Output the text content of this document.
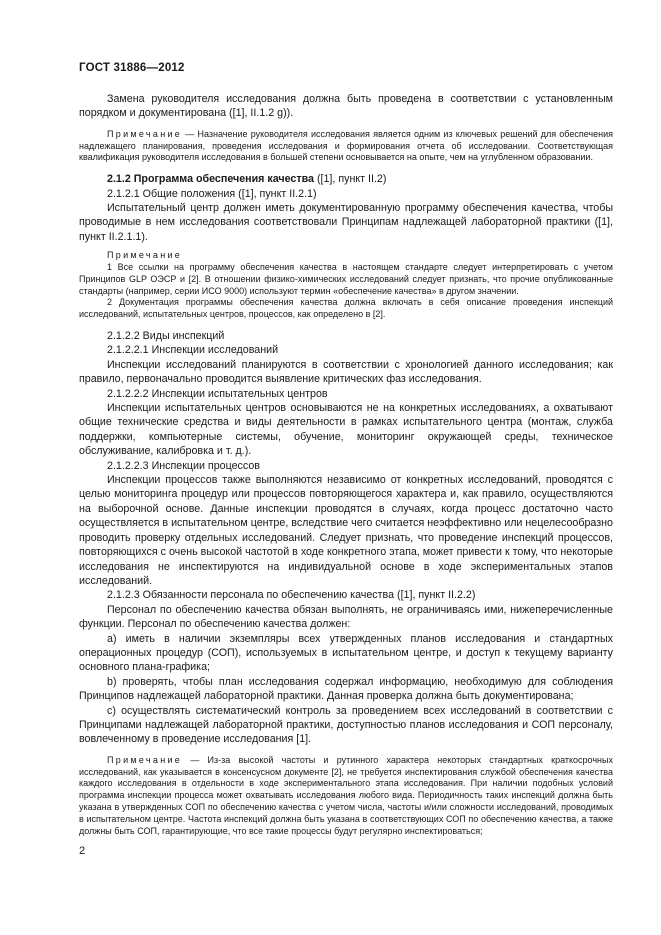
ГОСТ 31886—2012

Замена руководителя исследования должна быть проведена в соответствии с установленным порядком и документирована ([1], II.1.2 g)).

Примечание — Назначение руководителя исследования является одним из ключевых решений для обеспечения надлежащего планирования, проведения исследования и формирования отчета об исследовании. Соответствующая квалификация руководителя исследования в большей степени основывается на опыте, чем на углубленном образовании.

2.1.2 Программа обеспечения качества ([1], пункт II.2)

2.1.2.1 Общие положения ([1], пункт II.2.1)

Испытательный центр должен иметь документированную программу обеспечения качества, чтобы проводимые в нем исследования соответствовали Принципам надлежащей лабораторной практики ([1], пункт II.2.1.1).

Примечание

1 Все ссылки на программу обеспечения качества в настоящем стандарте следует интерпретировать с учетом Принципов GLP ОЭСР и [2]. В отношении физико-химических исследований следует признать, что прочие опубликованные стандарты (например, серии ИСО 9000) используют термин «обеспечение качества» в другом значении.

2 Документация программы обеспечения качества должна включать в себя описание проведения инспекций исследований, испытательных центров, процессов, как определено в [2].

2.1.2.2 Виды инспекций

2.1.2.2.1 Инспекции исследований

Инспекции исследований планируются в соответствии с хронологией данного исследования; как правило, первоначально проводится выявление критических фаз исследования.

2.1.2.2.2 Инспекции испытательных центров

Инспекции испытательных центров основываются не на конкретных исследованиях, а охватывают общие технические средства и виды деятельности в рамках испытательного центра (монтаж, служба поддержки, компьютерные системы, обучение, мониторинг окружающей среды, техническое обслуживание, калибровка и т. д.).

2.1.2.2.3 Инспекции процессов

Инспекции процессов также выполняются независимо от конкретных исследований, проводятся с целью мониторинга процедур или процессов повторяющегося характера и, как правило, осуществляются на выборочной основе. Данные инспекции проводятся в случаях, когда процесс достаточно часто осуществляется в испытательном центре, вследствие чего считается неэффективно или нецелесообразно проводить проверку отдельных исследований. Следует признать, что проведение инспекций процессов, повторяющихся с очень высокой частотой в ходе конкретного этапа, может привести к тому, что некоторые исследования не инспектируются на индивидуальной основе в ходе экспериментальных этапов исследований.

2.1.2.3 Обязанности персонала по обеспечению качества ([1], пункт II.2.2)

Персонал по обеспечению качества обязан выполнять, не ограничиваясь ими, нижеперечисленные функции. Персонал по обеспечению качества должен:

a) иметь в наличии экземпляры всех утвержденных планов исследования и стандартных операционных процедур (СОП), используемых в испытательном центре, и доступ к текущему варианту основного плана-графика;

b) проверять, чтобы план исследования содержал информацию, необходимую для соблюдения Принципов надлежащей лабораторной практики. Данная проверка должна быть документирована;

c) осуществлять систематический контроль за проведением всех исследований в соответствии с Принципами надлежащей лабораторной практики, доступностью планов исследования и СОП персоналу, вовлеченному в проведение исследования [1].

Примечание — Из-за высокой частоты и рутинного характера некоторых стандартных краткосрочных исследований, как указывается в консенсусном документе [2], не требуется инспектирования службой обеспечения качества каждого исследования в отдельности в ходе экспериментального этапа исследования. При наличии подобных условий программа инспекции процесса может охватывать исследования любого вида. Периодичность таких инспекций должна быть указана в утвержденных СОП по обеспечению качества с учетом числа, частоты и/или сложности исследований, проводимых в испытательном центре. Частота инспекций должна быть указана в соответствующих СОП по обеспечению качества, а также должны быть СОП, гарантирующие, что все такие процессы будут регулярно инспектироваться;

2
